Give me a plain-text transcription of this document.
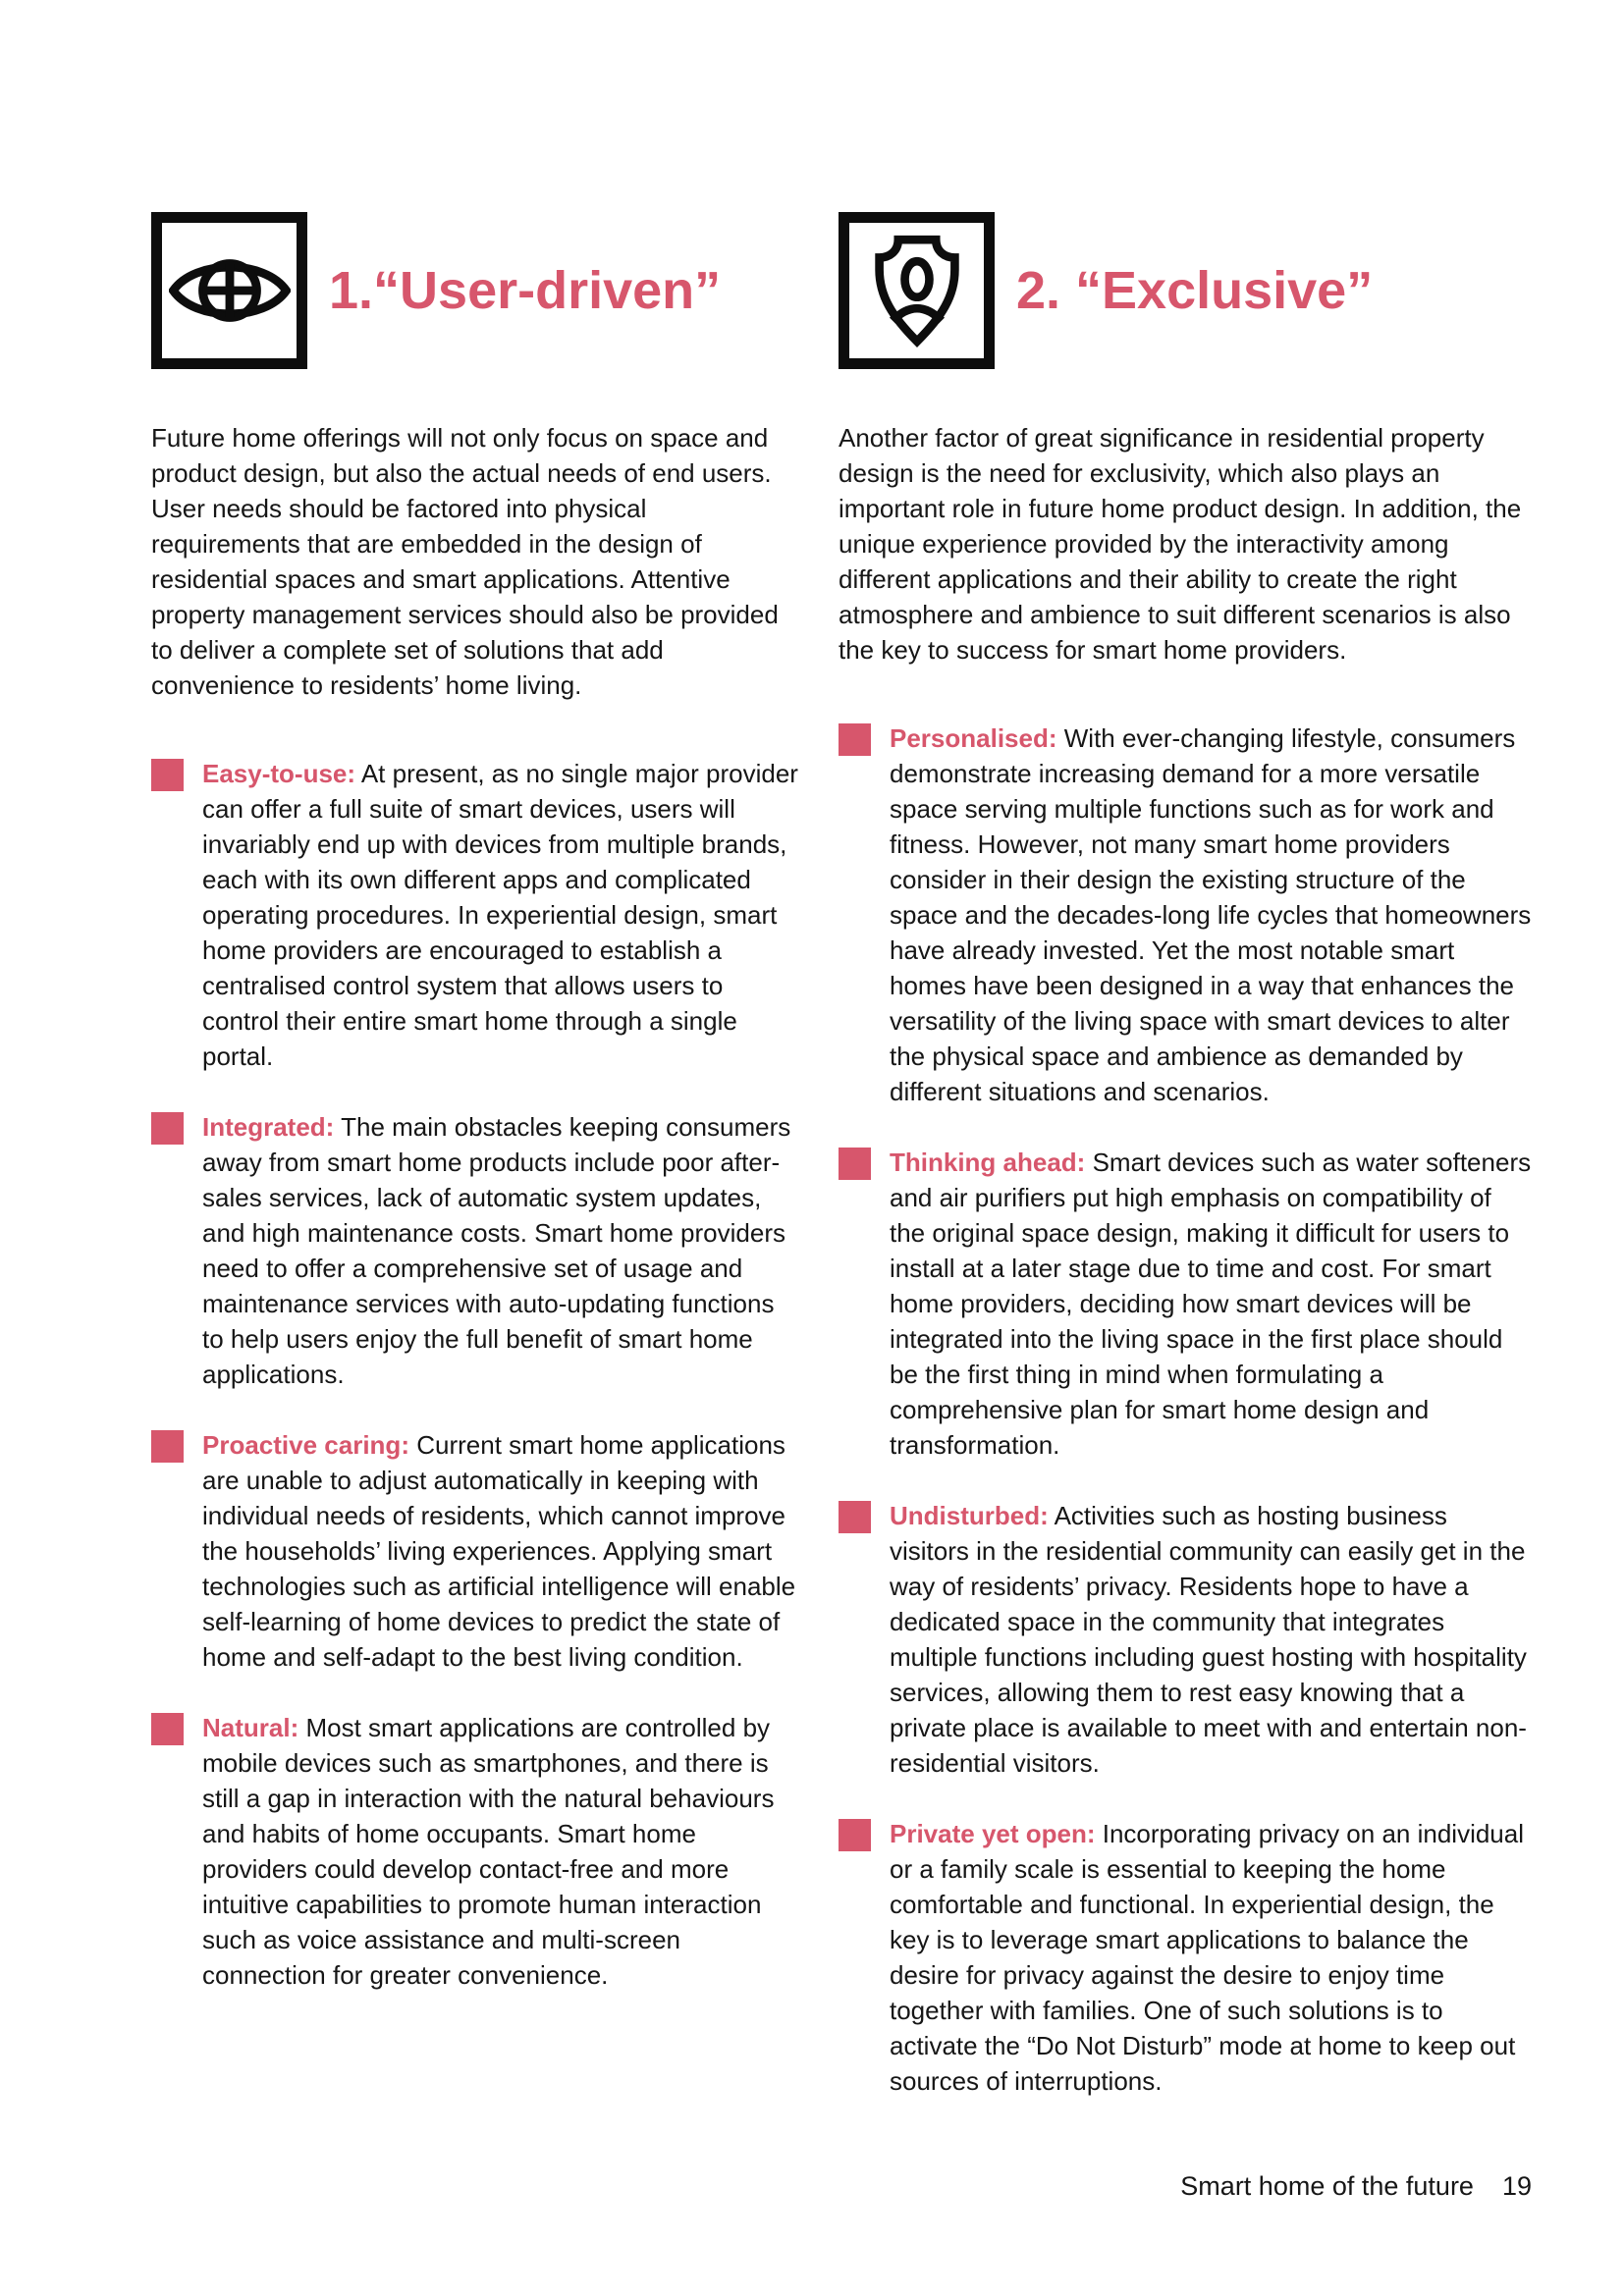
1.“User-driven”

Future home offerings will not only focus on space and product design, but also the actual needs of end users. User needs should be factored into physical requirements that are embedded in the design of residential spaces and smart applications. Attentive property management services should also be provided to deliver a complete set of solutions that add convenience to residents’ home living.

Easy-to-use: At present, as no single major provider can offer a full suite of smart devices, users will invariably end up with devices from multiple brands, each with its own different apps and complicated operating procedures. In experiential design, smart home providers are encouraged to establish a centralised control system that allows users to control their entire smart home through a single portal.

Integrated: The main obstacles keeping consumers away from smart home products include poor after-sales services, lack of automatic system updates, and high maintenance costs. Smart home providers need to offer a comprehensive set of usage and maintenance services with auto-updating functions to help users enjoy the full benefit of smart home applications.

Proactive caring: Current smart home applications are unable to adjust automatically in keeping with individual needs of residents, which cannot improve the households’ living experiences. Applying smart technologies such as artificial intelligence will enable self-learning of home devices to predict the state of home and self-adapt to the best living condition.

Natural: Most smart applications are controlled by mobile devices such as smartphones, and there is still a gap in interaction with the natural behaviours and habits of home occupants. Smart home providers could develop contact-free and more intuitive capabilities to promote human interaction such as voice assistance and multi-screen connection for greater convenience.

2. “Exclusive”

Another factor of great significance in residential property design is the need for exclusivity, which also plays an important role in future home product design. In addition, the unique experience provided by the interactivity among different applications and their ability to create the right atmosphere and ambience to suit different scenarios is also the key to success for smart home providers.

Personalised: With ever-changing lifestyle, consumers demonstrate increasing demand for a more versatile space serving multiple functions such as for work and fitness. However, not many smart home providers consider in their design the existing structure of the space and the decades-long life cycles that homeowners have already invested. Yet the most notable smart homes have been designed in a way that enhances the versatility of the living space with smart devices to alter the physical space and ambience as demanded by different situations and scenarios.

Thinking ahead: Smart devices such as water softeners and air purifiers put high emphasis on compatibility of the original space design, making it difficult for users to install at a later stage due to time and cost. For smart home providers, deciding how smart devices will be integrated into the living space in the first place should be the first thing in mind when formulating a comprehensive plan for smart home design and transformation.

Undisturbed: Activities such as hosting business visitors in the residential community can easily get in the way of residents’ privacy. Residents hope to have a dedicated space in the community that integrates multiple functions including guest hosting with hospitality services, allowing them to rest easy knowing that a private place is available to meet with and entertain non-residential visitors.

Private yet open: Incorporating privacy on an individual or a family scale is essential to keeping the home comfortable and functional. In experiential design, the key is to leverage smart applications to balance the desire for privacy against the desire to enjoy time together with families. One of such solutions is to activate the “Do Not Disturb” mode at home to keep out sources of interruptions.

Smart home of the future 19
